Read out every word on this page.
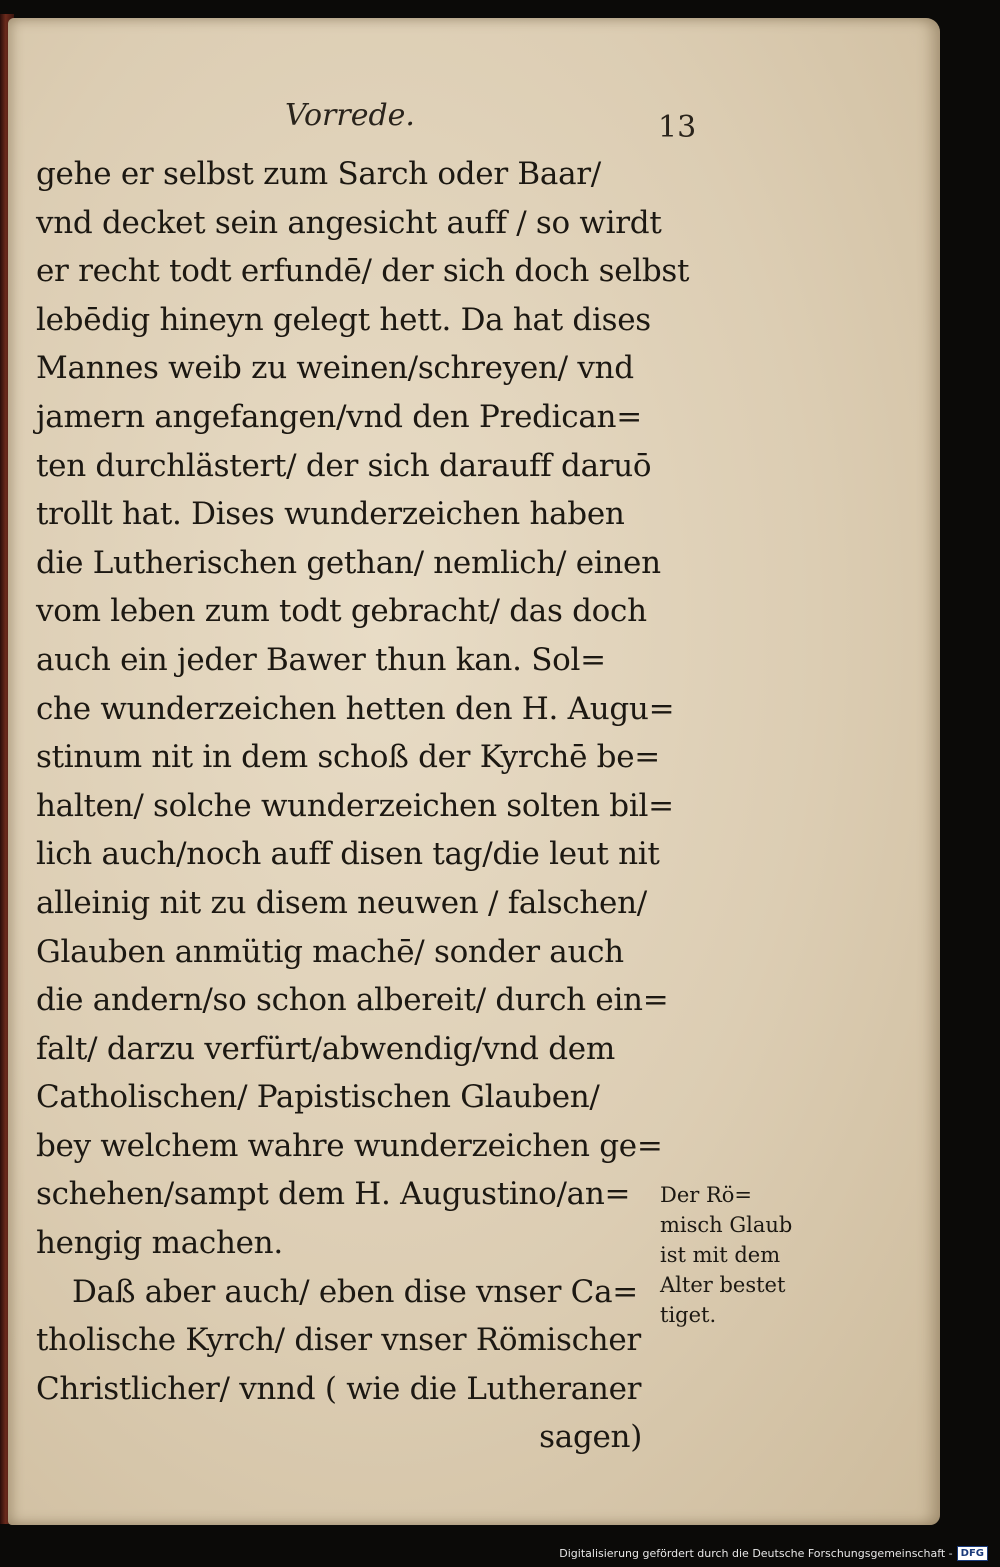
Vorrede.	13
gehe er selbst zum Sarch oder Baar/
vnd decket sein angesicht auff / so wirdt
er recht todt erfundē/ der sich doch selbst
lebēdig hineyn gelegt hett. Da hat dises
Mannes weib zu weinen/schreyen/ vnd
jamern angefangen/vnd den Predican=
ten durchlästert/ der sich darauff daruō
trollt hat. Dises wunderzeichen haben
die Lutherischen gethan/ nemlich/ einen
vom leben zum todt gebracht/ das doch
auch ein jeder Bawer thun kan. Sol=
che wunderzeichen hetten den H. Augu=
stinum nit in dem schoß der Kyrchē be=
halten/ solche wunderzeichen solten bil=
lich auch/noch auff disen tag/die leut nit
alleinig nit zu disem neuwen / falschen/
Glauben anmütig machē/ sonder auch
die andern/so schon albereit/ durch ein=
falt/ darzu verfürt/abwendig/vnd dem
Catholischen/ Papistischen Glauben/
bey welchem wahre wunderzeichen ge=
schehen/sampt dem H. Augustino/an=
hengig machen.
Daß aber auch/ eben dise vnser Ca=
tholische Kyrch/ diser vnser Römischer
Christlicher/ vnnd ( wie die Lutheraner
sagen)
Der Rö=
misch Glaub
ist mit dem
Alter bestet
tiget.
Digitalisierung gefördert durch die Deutsche Forschungsgemeinschaft - DFG
